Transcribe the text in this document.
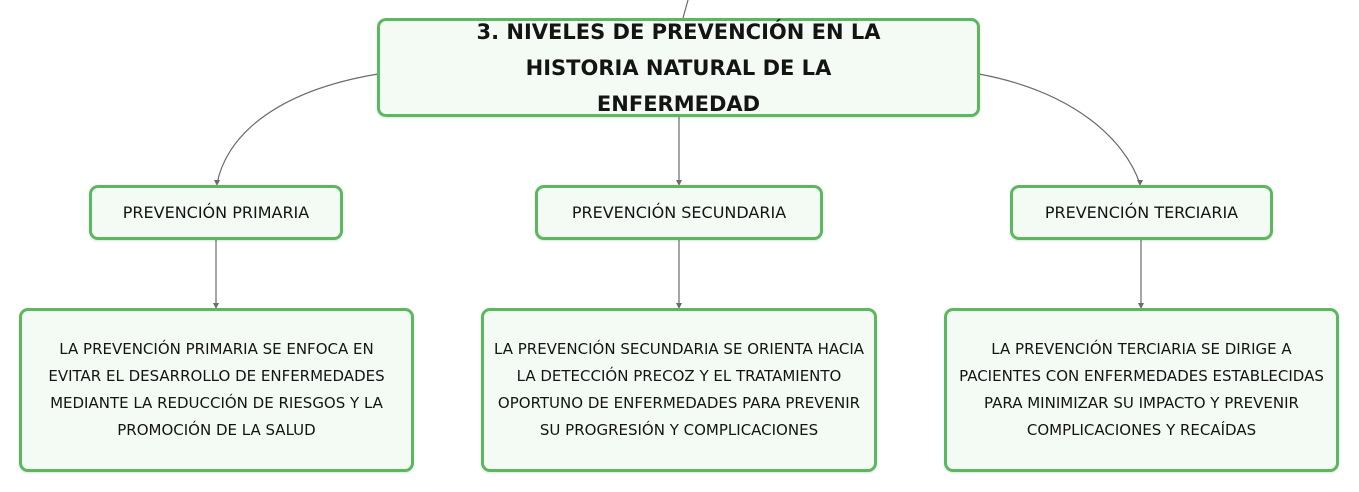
3. NIVELES DE PREVENCIÓN EN LA HISTORIA NATURAL DE LA ENFERMEDAD
PREVENCIÓN PRIMARIA	PREVENCIÓN SECUNDARIA	PREVENCIÓN TERCIARIA
LA PREVENCIÓN PRIMARIA SE ENFOCA EN EVITAR EL DESARROLLO DE ENFERMEDADES MEDIANTE LA REDUCCIÓN DE RIESGOS Y LA PROMOCIÓN DE LA SALUD
LA PREVENCIÓN SECUNDARIA SE ORIENTA HACIA LA DETECCIÓN PRECOZ Y EL TRATAMIENTO OPORTUNO DE ENFERMEDADES PARA PREVENIR SU PROGRESIÓN Y COMPLICACIONES
LA PREVENCIÓN TERCIARIA SE DIRIGE A PACIENTES CON ENFERMEDADES ESTABLECIDAS PARA MINIMIZAR SU IMPACTO Y PREVENIR COMPLICACIONES Y RECAÍDAS
